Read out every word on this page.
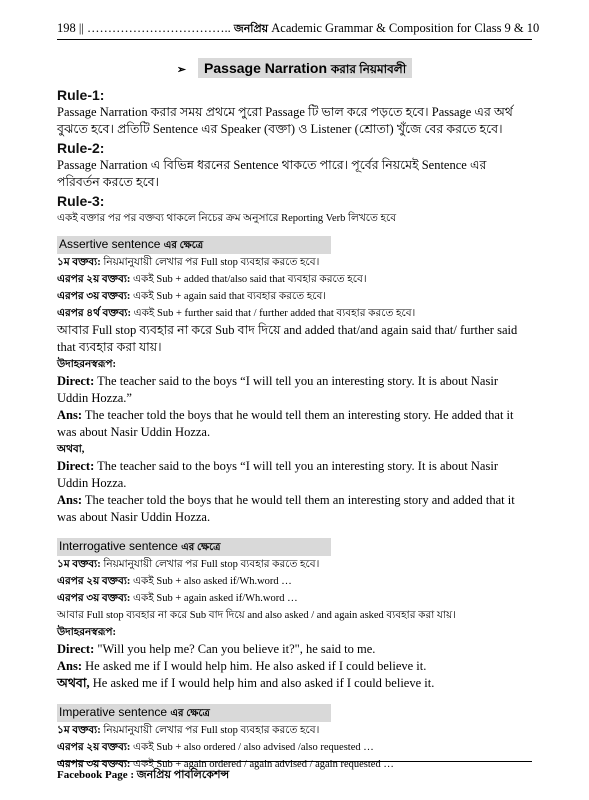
198 || …………………………….. জনপ্রিয় Academic Grammar & Composition for Class 9 & 10
➢ Passage Narration করার নিয়মাবলী
Rule-1:
Passage Narration করার সময় প্রথমে পুরো Passage টি ভাল করে পড়তে হবে। Passage এর অর্থ বুঝতে হবে। প্রতিটি Sentence এর Speaker (বক্তা) ও Listener (শ্রোতা) খুঁজে বের করতে হবে।
Rule-2:
Passage Narration এ বিভিন্ন ধরনের Sentence থাকতে পারে। পূর্বের নিয়মেই Sentence এর পরিবর্তন করতে হবে।
Rule-3:
একই বক্তার পর পর বক্তব্য থাকলে নিচের ক্রম অনুসারে Reporting Verb লিখতে হবে
Assertive sentence এর ক্ষেত্রে
১ম বক্তব্য: নিয়মানুযায়ী লেখার পর Full stop ব্যবহার করতে হবে।
এরপর ২য় বক্তব্য: একই Sub + added that/also said that ব্যবহার করতে হবে।
এরপর ৩য় বক্তব্য: একই Sub + again said that ব্যবহার করতে হবে।
এরপর ৪র্থ বক্তব্য: একই Sub + further said that / further added that ব্যবহার করতে হবে।
আবার Full stop ব্যবহার না করে Sub বাদ দিয়ে and added that/and again said that/ further said that ব্যবহার করা যায়।
উদাহরনস্বরূপ:
Direct: The teacher said to the boys “I will tell you an interesting story. It is about Nasir Uddin Hozza.”
Ans: The teacher told the boys that he would tell them an interesting story. He added that it was about Nasir Uddin Hozza.
অথবা,
Direct: The teacher said to the boys “I will tell you an interesting story. It is about Nasir Uddin Hozza.
Ans: The teacher told the boys that he would tell them an interesting story and added that it was about Nasir Uddin Hozza.
Interrogative sentence এর ক্ষেত্রে
১ম বক্তব্য: নিয়মানুযায়ী লেখার পর Full stop ব্যবহার করতে হবে।
এরপর ২য় বক্তব্য: একই Sub + also asked if/Wh.word …
এরপর ৩য় বক্তব্য: একই Sub + again asked if/Wh.word …
আবার Full stop ব্যবহার না করে Sub বাদ দিয়ে and also asked / and again asked ব্যবহার করা যায়।
উদাহরনস্বরূপ:
Direct: "Will you help me? Can you believe it?", he said to me.
Ans: He asked me if I would help him. He also asked if I could believe it.
অথবা, He asked me if I would help him and also asked if I could believe it.
Imperative sentence এর ক্ষেত্রে
১ম বক্তব্য: নিয়মানুযায়ী লেখার পর Full stop ব্যবহার করতে হবে।
এরপর ২য় বক্তব্য: একই Sub + also ordered / also advised /also requested …
এরপর ৩য় বক্তব্য: একই Sub + again ordered / again advised / again requested …
Facebook Page : জনপ্রিয় পাবলিকেশন্স
